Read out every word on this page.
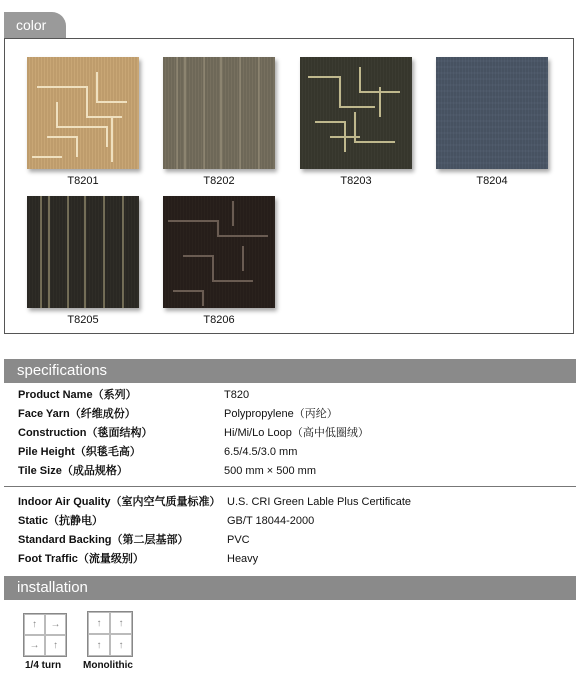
color
T8201	T8202	T8203	T8204
T8205	T8206
specifications
Product Name（系列）	T820
Face Yarn（纤维成份）	Polypropylene（丙纶）
Construction（毯面结构）	Hi/Mi/Lo Loop（高中低圈绒）
Pile Height（织毯毛高）	6.5/4.5/3.0 mm
Tile Size（成品规格）	500 mm × 500 mm
Indoor Air Quality（室内空气质量标准） U.S. CRI Green Lable Plus Certificate
Static（抗静电）	GB/T 18044-2000
Standard Backing（第二层基部）	PVC
Foot Traffic（流量级别）	Heavy
installation
↑	→
→	↑
1/4 turn
↑	↑
↑	↑
Monolithic
